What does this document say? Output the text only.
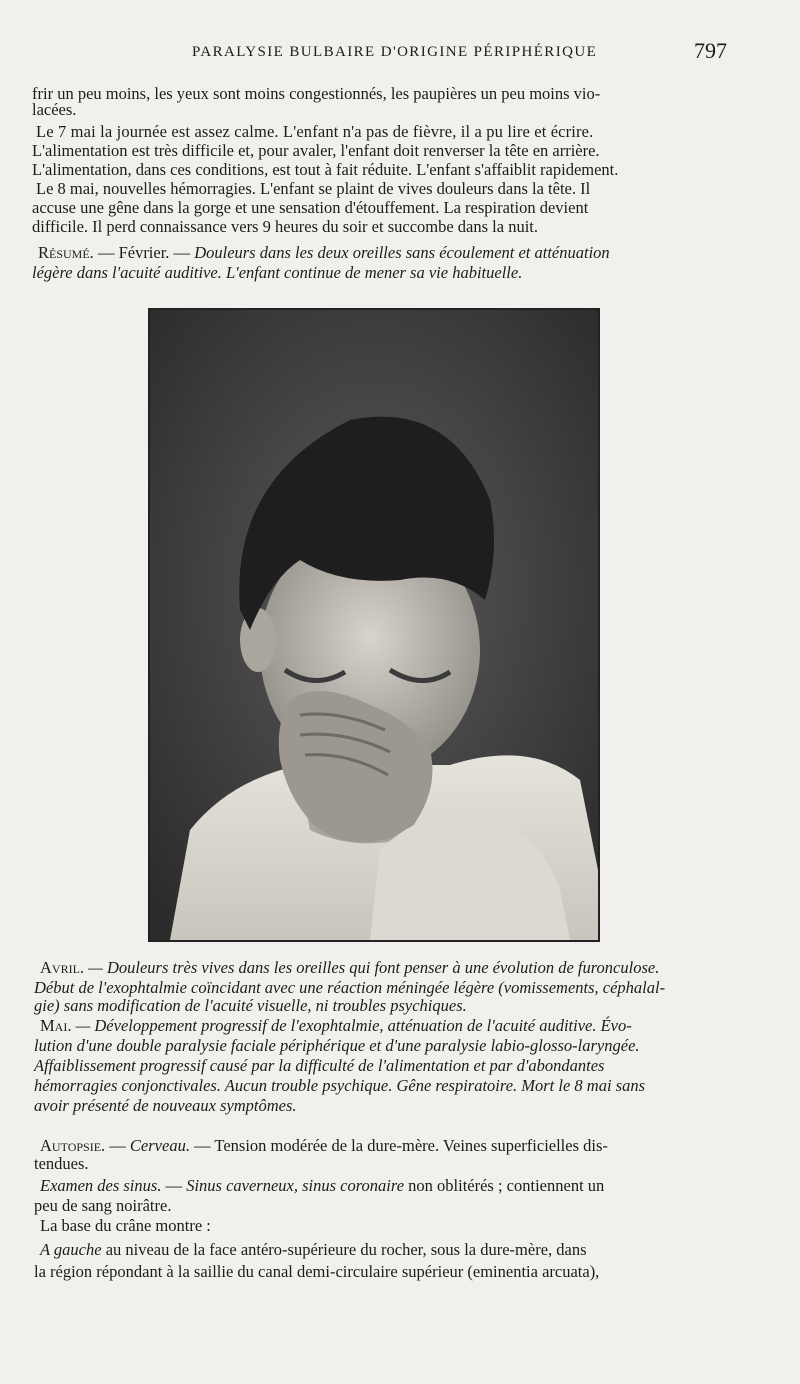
PARALYSIE BULBAIRE D'ORIGINE PÉRIPHÉRIQUE	797
frir un peu moins, les yeux sont moins congestionnés, les paupières un peu moins vio-
lacées.
Le 7 mai la journée est assez calme. L'enfant n'a pas de fièvre, il a pu lire et écrire.
L'alimentation est très difficile et, pour avaler, l'enfant doit renverser la tête en arrière.
L'alimentation, dans ces conditions, est tout à fait réduite. L'enfant s'affaiblit rapidement.
Le 8 mai, nouvelles hémorragies. L'enfant se plaint de vives douleurs dans la tête. Il
accuse une gêne dans la gorge et une sensation d'étouffement. La respiration devient
difficile. Il perd connaissance vers 9 heures du soir et succombe dans la nuit.
Résumé. — Février. — Douleurs dans les deux oreilles sans écoulement et atténuation
légère dans l'acuité auditive. L'enfant continue de mener sa vie habituelle.
Avril. — Douleurs très vives dans les oreilles qui font penser à une évolution de furonculose.
Début de l'exophtalmie coïncidant avec une réaction méningée légère (vomissements, céphalal-
gie) sans modification de l'acuité visuelle, ni troubles psychiques.
Mai. — Développement progressif de l'exophtalmie, atténuation de l'acuité auditive. Évo-
lution d'une double paralysie faciale périphérique et d'une paralysie labio-glosso-laryngée.
Affaiblissement progressif causé par la difficulté de l'alimentation et par d'abondantes
hémorragies conjonctivales. Aucun trouble psychique. Gêne respiratoire. Mort le 8 mai sans
avoir présenté de nouveaux symptômes.
Autopsie. — Cerveau. — Tension modérée de la dure-mère. Veines superficielles dis-
tendues.
Examen des sinus. — Sinus caverneux, sinus coronaire non oblitérés ; contiennent un
peu de sang noirâtre.
La base du crâne montre :
A gauche au niveau de la face antéro-supérieure du rocher, sous la dure-mère, dans
la région répondant à la saillie du canal demi-circulaire supérieur (eminentia arcuata),
